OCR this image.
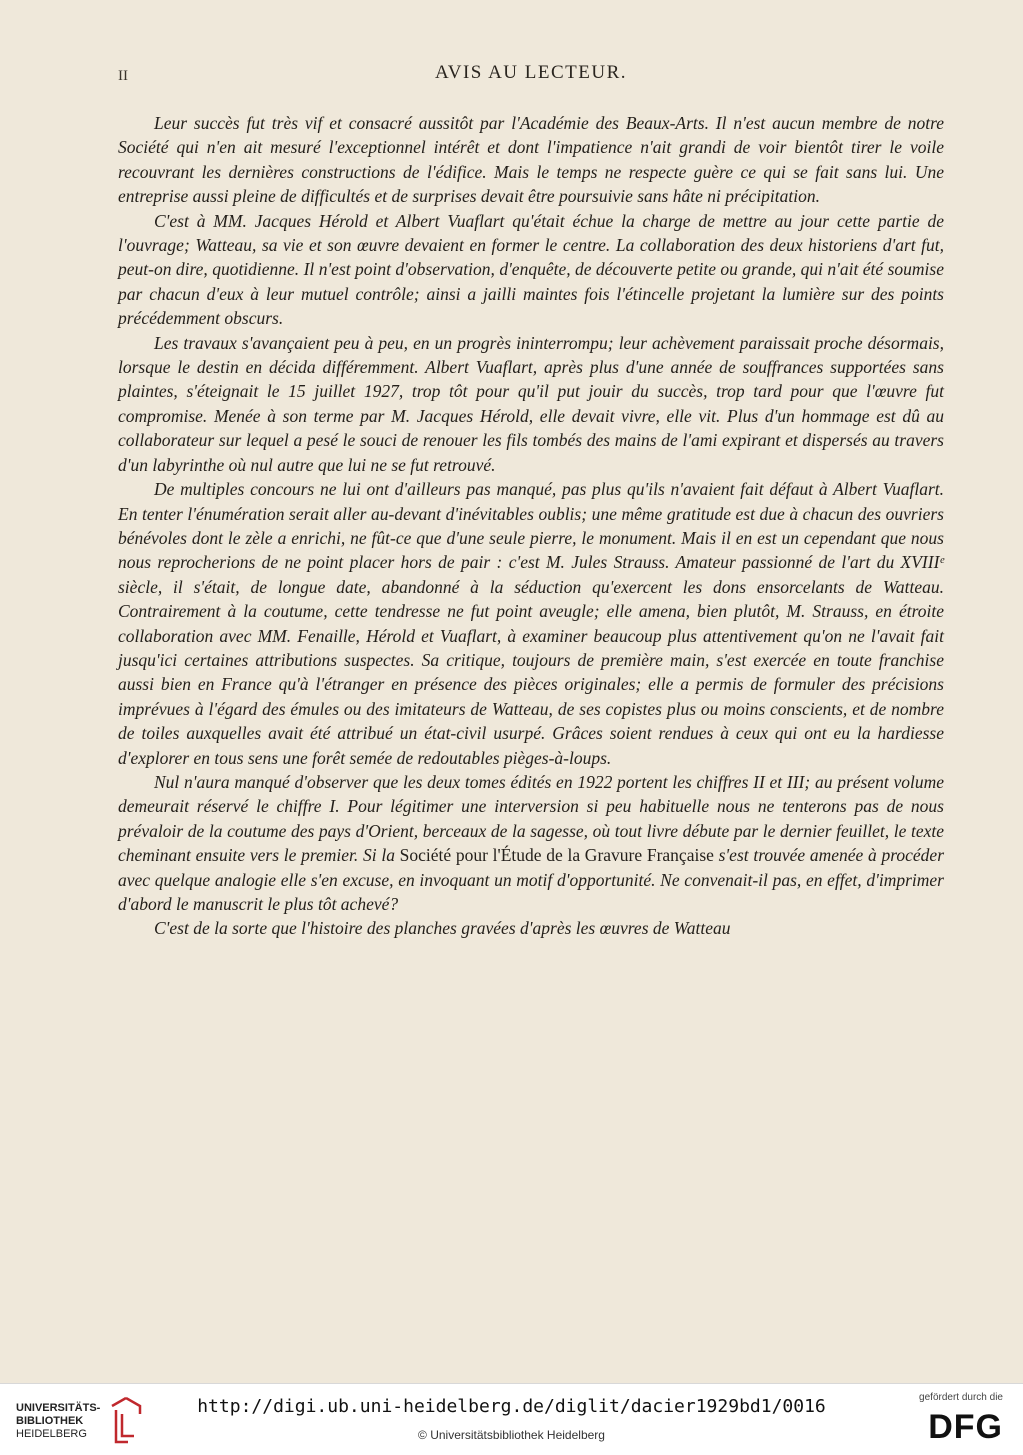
II	AVIS AU LECTEUR.

Leur succès fut très vif et consacré aussitôt par l'Académie des Beaux-Arts. Il n'est aucun membre de notre Société qui n'en ait mesuré l'exceptionnel intérêt et dont l'impatience n'ait grandi de voir bientôt tirer le voile recouvrant les dernières constructions de l'édifice. Mais le temps ne respecte guère ce qui se fait sans lui. Une entreprise aussi pleine de difficultés et de surprises devait être poursuivie sans hâte ni précipitation.

C'est à MM. Jacques Hérold et Albert Vuaflart qu'était échue la charge de mettre au jour cette partie de l'ouvrage; Watteau, sa vie et son œuvre devaient en former le centre. La collaboration des deux historiens d'art fut, peut-on dire, quotidienne. Il n'est point d'observation, d'enquête, de découverte petite ou grande, qui n'ait été soumise par chacun d'eux à leur mutuel contrôle; ainsi a jailli maintes fois l'étincelle projetant la lumière sur des points précédemment obscurs.

Les travaux s'avançaient peu à peu, en un progrès ininterrompu; leur achèvement paraissait proche désormais, lorsque le destin en décida différemment. Albert Vuaflart, après plus d'une année de souffrances supportées sans plaintes, s'éteignait le 15 juillet 1927, trop tôt pour qu'il put jouir du succès, trop tard pour que l'œuvre fut compromise. Menée à son terme par M. Jacques Hérold, elle devait vivre, elle vit. Plus d'un hommage est dû au collaborateur sur lequel a pesé le souci de renouer les fils tombés des mains de l'ami expirant et dispersés au travers d'un labyrinthe où nul autre que lui ne se fut retrouvé.

De multiples concours ne lui ont d'ailleurs pas manqué, pas plus qu'ils n'avaient fait défaut à Albert Vuaflart. En tenter l'énumération serait aller au-devant d'inévitables oublis; une même gratitude est due à chacun des ouvriers bénévoles dont le zèle a enrichi, ne fût-ce que d'une seule pierre, le monument. Mais il en est un cependant que nous nous reprocherions de ne point placer hors de pair : c'est M. Jules Strauss. Amateur passionné de l'art du XVIIIᵉ siècle, il s'était, de longue date, abandonné à la séduction qu'exercent les dons ensorcelants de Watteau. Contrairement à la coutume, cette tendresse ne fut point aveugle; elle amena, bien plutôt, M. Strauss, en étroite collaboration avec MM. Fenaille, Hérold et Vuaflart, à examiner beaucoup plus attentivement qu'on ne l'avait fait jusqu'ici certaines attributions suspectes. Sa critique, toujours de première main, s'est exercée en toute franchise aussi bien en France qu'à l'étranger en présence des pièces originales; elle a permis de formuler des précisions imprévues à l'égard des émules ou des imitateurs de Watteau, de ses copistes plus ou moins conscients, et de nombre de toiles auxquelles avait été attribué un état-civil usurpé. Grâces soient rendues à ceux qui ont eu la hardiesse d'explorer en tous sens une forêt semée de redoutables pièges-à-loups.

Nul n'aura manqué d'observer que les deux tomes édités en 1922 portent les chiffres II et III; au présent volume demeurait réservé le chiffre I. Pour légitimer une interversion si peu habituelle nous ne tenterons pas de nous prévaloir de la coutume des pays d'Orient, berceaux de la sagesse, où tout livre débute par le dernier feuillet, le texte cheminant ensuite vers le premier. Si la Société pour l'Étude de la Gravure Française s'est trouvée amenée à procéder avec quelque analogie elle s'en excuse, en invoquant un motif d'opportunité. Ne convenait-il pas, en effet, d'imprimer d'abord le manuscrit le plus tôt achevé?

C'est de la sorte que l'histoire des planches gravées d'après les œuvres de Watteau

UNIVERSITÄTS-
BIBLIOTHEK
HEIDELBERG
http://digi.ub.uni-heidelberg.de/diglit/dacier1929bd1/0016
© Universitätsbibliothek Heidelberg
gefördert durch die
DFG
